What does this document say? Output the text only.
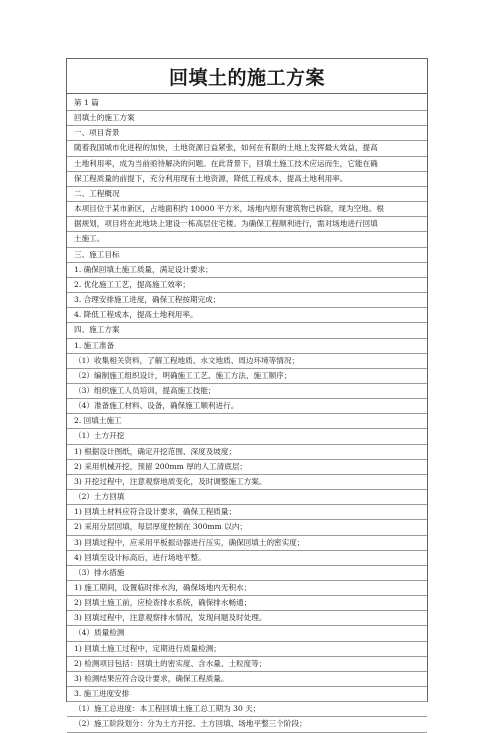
回填土的施工方案
第 1 篇
回填土的施工方案
一、项目背景
随着我国城市化进程的加快，土地资源日益紧张，如何在有限的土地上发挥最大效益，提高
土地利用率，成为当前亟待解决的问题。在此背景下，回填土施工技术应运而生，它能在确
保工程质量的前提下，充分利用现有土地资源，降低工程成本，提高土地利用率。
二、工程概况
本项目位于某市新区，占地面积约 10000 平方米，场地内原有建筑物已拆除，现为空地。根
据规划，项目将在此地块上建设一栋高层住宅楼。为确保工程顺利进行，需对场地进行回填
土施工。
三、施工目标
1. 确保回填土施工质量，满足设计要求；
2. 优化施工工艺，提高施工效率；
3. 合理安排施工进度，确保工程按期完成；
4. 降低工程成本，提高土地利用率。
四、施工方案
1. 施工准备
（1）收集相关资料，了解工程地质、水文地质、周边环境等情况；
（2）编制施工组织设计，明确施工工艺、施工方法、施工顺序；
（3）组织施工人员培训，提高施工技能；
（4）准备施工材料、设备，确保施工顺利进行。
2. 回填土施工
（1）土方开挖
1) 根据设计图纸，确定开挖范围、深度及坡度；
2) 采用机械开挖，预留 200mm 厚的人工清底层；
3) 开挖过程中，注意观察地质变化，及时调整施工方案。
（2）土方回填
1) 回填土材料应符合设计要求，确保工程质量；
2) 采用分层回填，每层厚度控制在 300mm 以内；
3) 回填过程中，应采用平板振动器进行压实，确保回填土的密实度；
4) 回填至设计标高后，进行场地平整。
（3）排水措施
1) 施工期间，设置临时排水沟，确保场地内无积水；
2) 回填土施工前，应检查排水系统，确保排水畅通；
3) 回填过程中，注意观察排水情况，发现问题及时处理。
（4）质量检测
1) 回填土施工过程中，定期进行质量检测；
2) 检测项目包括：回填土的密实度、含水量、土粒度等；
3) 检测结果应符合设计要求，确保工程质量。
3. 施工进度安排
（1）施工总进度：本工程回填土施工总工期为 30 天；
（2）施工阶段划分：分为土方开挖、土方回填、场地平整三个阶段；
